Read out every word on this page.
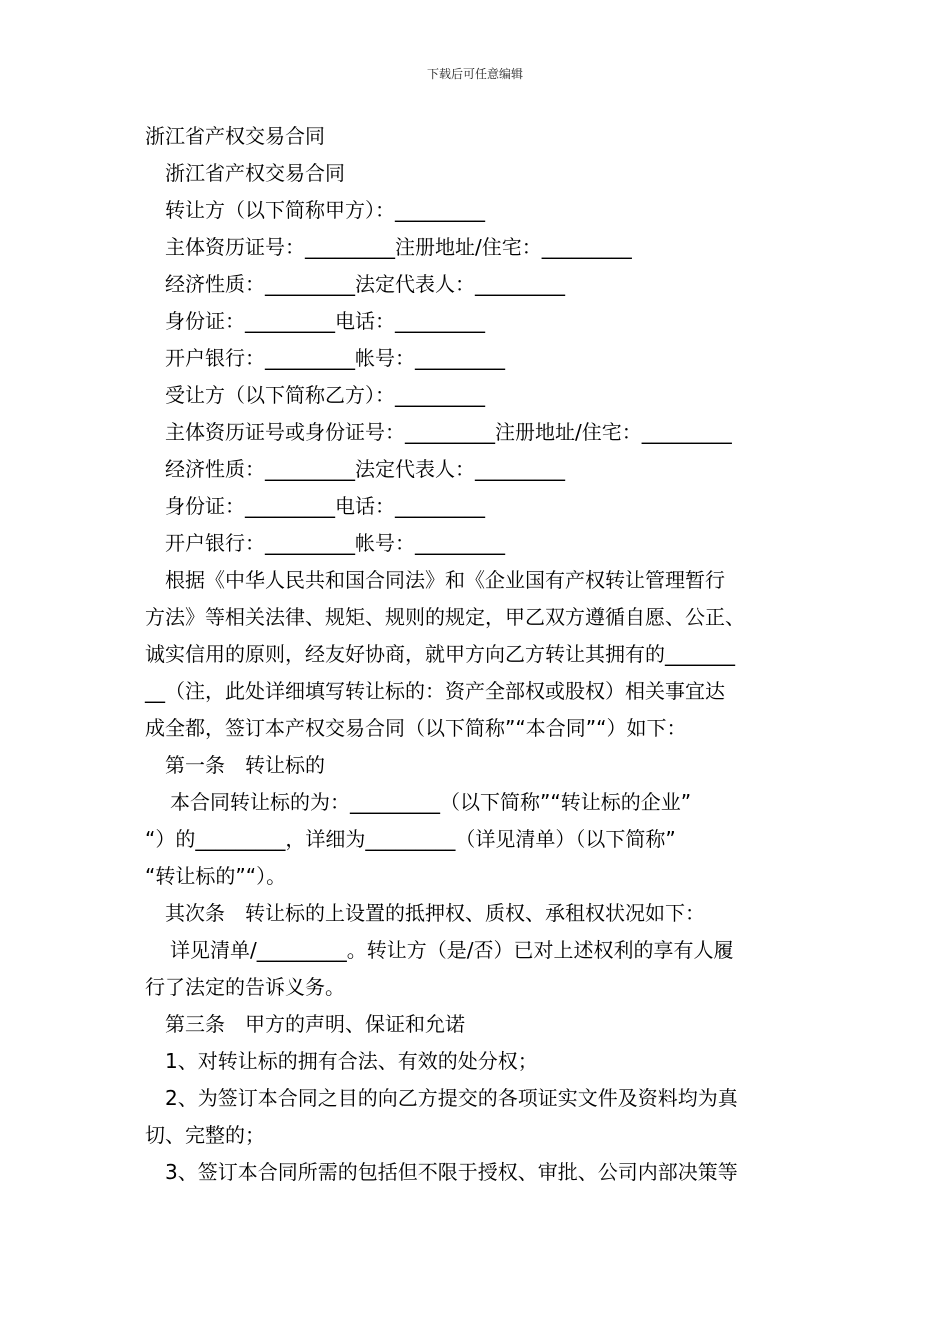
下载后可任意编辑

浙江省产权交易合同

浙江省产权交易合同

转让方（以下简称甲方）：_________

主体资历证号：_________注册地址/住宅：_________

经济性质：_________法定代表人：_________

身份证：_________电话：_________

开户银行：_________帐号：_________

受让方（以下简称乙方）：_________

主体资历证号或身份证号：_________注册地址/住宅：_________

经济性质：_________法定代表人：_________

身份证：_________电话：_________

开户银行：_________帐号：_________

根据《中华人民共和国合同法》和《企业国有产权转让管理暂行

方法》等相关法律、规矩、规则的规定，甲乙双方遵循自愿、公正、

诚实信用的原则，经友好协商，就甲方向乙方转让其拥有的_______

__（注，此处详细填写转让标的：资产全部权或股权）相关事宜达

成全都，签订本产权交易合同（以下简称”“本合同”“）如下：

第一条　转让标的

本合同转让标的为：_________（以下简称”“转让标的企业”

“）的_________，详细为_________（详见清单）（以下简称”

“转让标的”“）。

其次条　转让标的上设置的抵押权、质权、承租权状况如下：

详见清单/_________。转让方（是/否）已对上述权利的享有人履

行了法定的告诉义务。

第三条　甲方的声明、保证和允诺

1、对转让标的拥有合法、有效的处分权；

2、为签订本合同之目的向乙方提交的各项证实文件及资料均为真

切、完整的；

3、签订本合同所需的包括但不限于授权、审批、公司内部决策等
